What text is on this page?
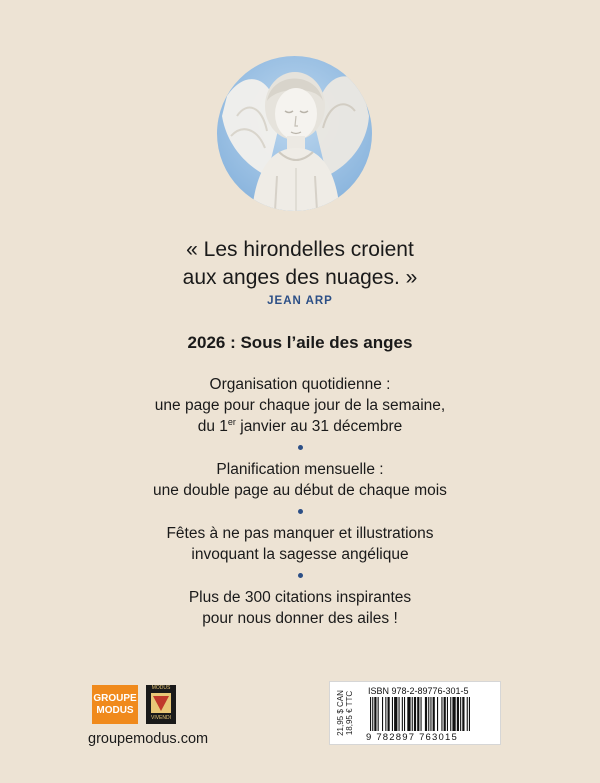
« Les hirondelles croient
aux anges des nuages. »
JEAN ARP
2026 : Sous l’aile des anges

Organisation quotidienne :

une page pour chaque jour de la semaine,

du 1er janvier au 31 décembre

Planification mensuelle :

une double page au début de chaque mois

Fêtes à ne pas manquer et illustrations

invoquant la sagesse angélique

Plus de 300 citations inspirantes

pour nous donner des ailes !

GROUPE
MODUS
MODUS
VIVENDI
groupemodus.com
21,95 $ CAN 18,95 € TTC ISBN 978-2-89776-301-5
9 782897 763015
